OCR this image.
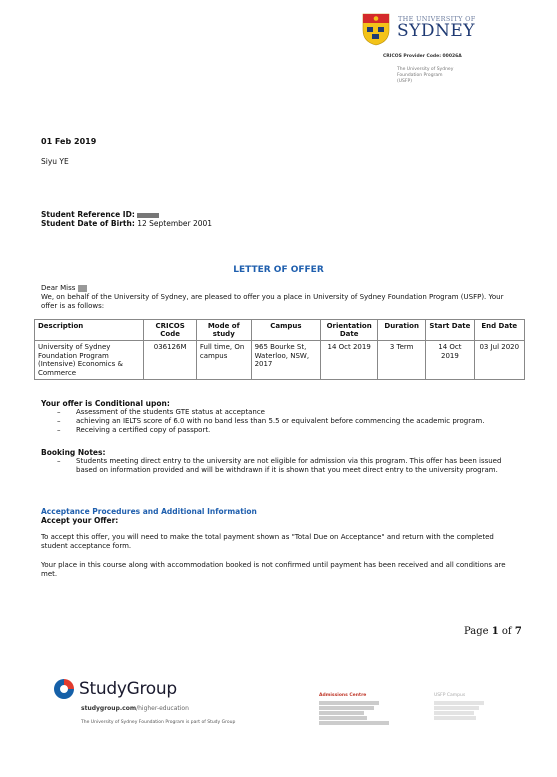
THE UNIVERSITY OF
SYDNEY
CRICOS Provider Code: 00026A
The University of Sydney
Foundation Program
(USFP)
01 Feb 2019
Siyu YE
Student Reference ID:
Student Date of Birth: 12 September 2001
LETTER OF OFFER
Dear Miss
We, on behalf of the University of Sydney, are pleased to offer you a place in University of Sydney Foundation Program (USFP). Your offer is as follows:
Description	CRICOS Code	Mode of study	Campus	Orientation Date	Duration	Start Date	End Date
University of Sydney Foundation Program (Intensive) Economics & Commerce	036126M	Full time, On campus	965 Bourke St, Waterloo, NSW, 2017	14 Oct 2019	3 Term	14 Oct 2019	03 Jul 2020
Your offer is Conditional upon:
– Assessment of the students GTE status at acceptance
– achieving an IELTS score of 6.0 with no band less than 5.5 or equivalent before commencing the academic program.
– Receiving a certified copy of passport.
Booking Notes:
– Students meeting direct entry to the university are not eligible for admission via this program. This offer has been issued based on information provided and will be withdrawn if it is shown that you meet direct entry to the university program.
Acceptance Procedures and Additional Information
Accept your Offer:
To accept this offer, you will need to make the total payment shown as "Total Due on Acceptance" and return with the completed student acceptance form.
Your place in this course along with accommodation booked is not confirmed until payment has been received and all conditions are met.
Page 1 of 7
StudyGroup
studygroup.com/higher-education
The University of Sydney Foundation Program is part of Study Group
Admissions Centre	USFP Campus
